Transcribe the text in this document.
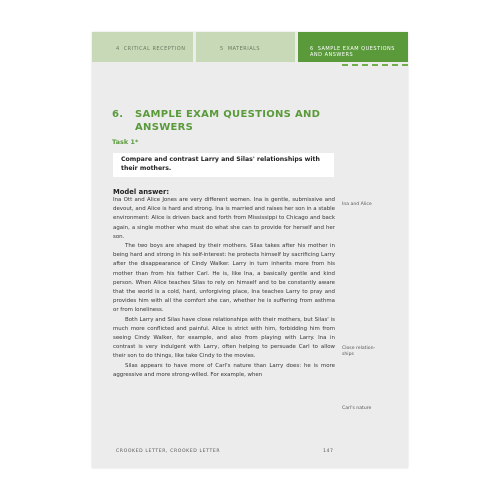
4 CRITICAL RECEPTION	5 MATERIALS	6 SAMPLE EXAM QUESTIONS AND ANSWERS
6. SAMPLE EXAM QUESTIONS AND ANSWERS
Task 1*
Compare and contrast Larry and Silas' relationships with their mothers.
Model answer:

Ina Ott and Alice Jones are very different women. Ina is gentle, submissive and devout, and Alice is hard and strong. Ina is married and raises her son in a stable environment: Alice is driven back and forth from Mississippi to Chicago and back again, a single mother who must do what she can to provide for herself and her son.

The two boys are shaped by their mothers. Silas takes after his mother in being hard and strong in his self-interest: he protects himself by sacrificing Larry after the disappearance of Cindy Walker. Larry in turn inherits more from his mother than from his father Carl. He is, like Ina, a basically gentle and kind person. When Alice teaches Silas to rely on himself and to be constantly aware that the world is a cold, hard, unforgiving place, Ina teaches Larry to pray and provides him with all the comfort she can, whether he is suffering from asthma or from loneliness.

Both Larry and Silas have close relationships with their mothers, but Silas' is much more conflicted and painful. Alice is strict with him, forbidding him from seeing Cindy Walker, for example, and also from playing with Larry. Ina in contrast is very indulgent with Larry, often helping to persuade Carl to allow their son to do things, like take Cindy to the movies.

Silas appears to have more of Carl's nature than Larry does: he is more aggressive and more strong-willed. For example, when

Ina and Alice
Close relation-ships
Carl's nature
CROOKED LETTER, CROOKED LETTER	147
